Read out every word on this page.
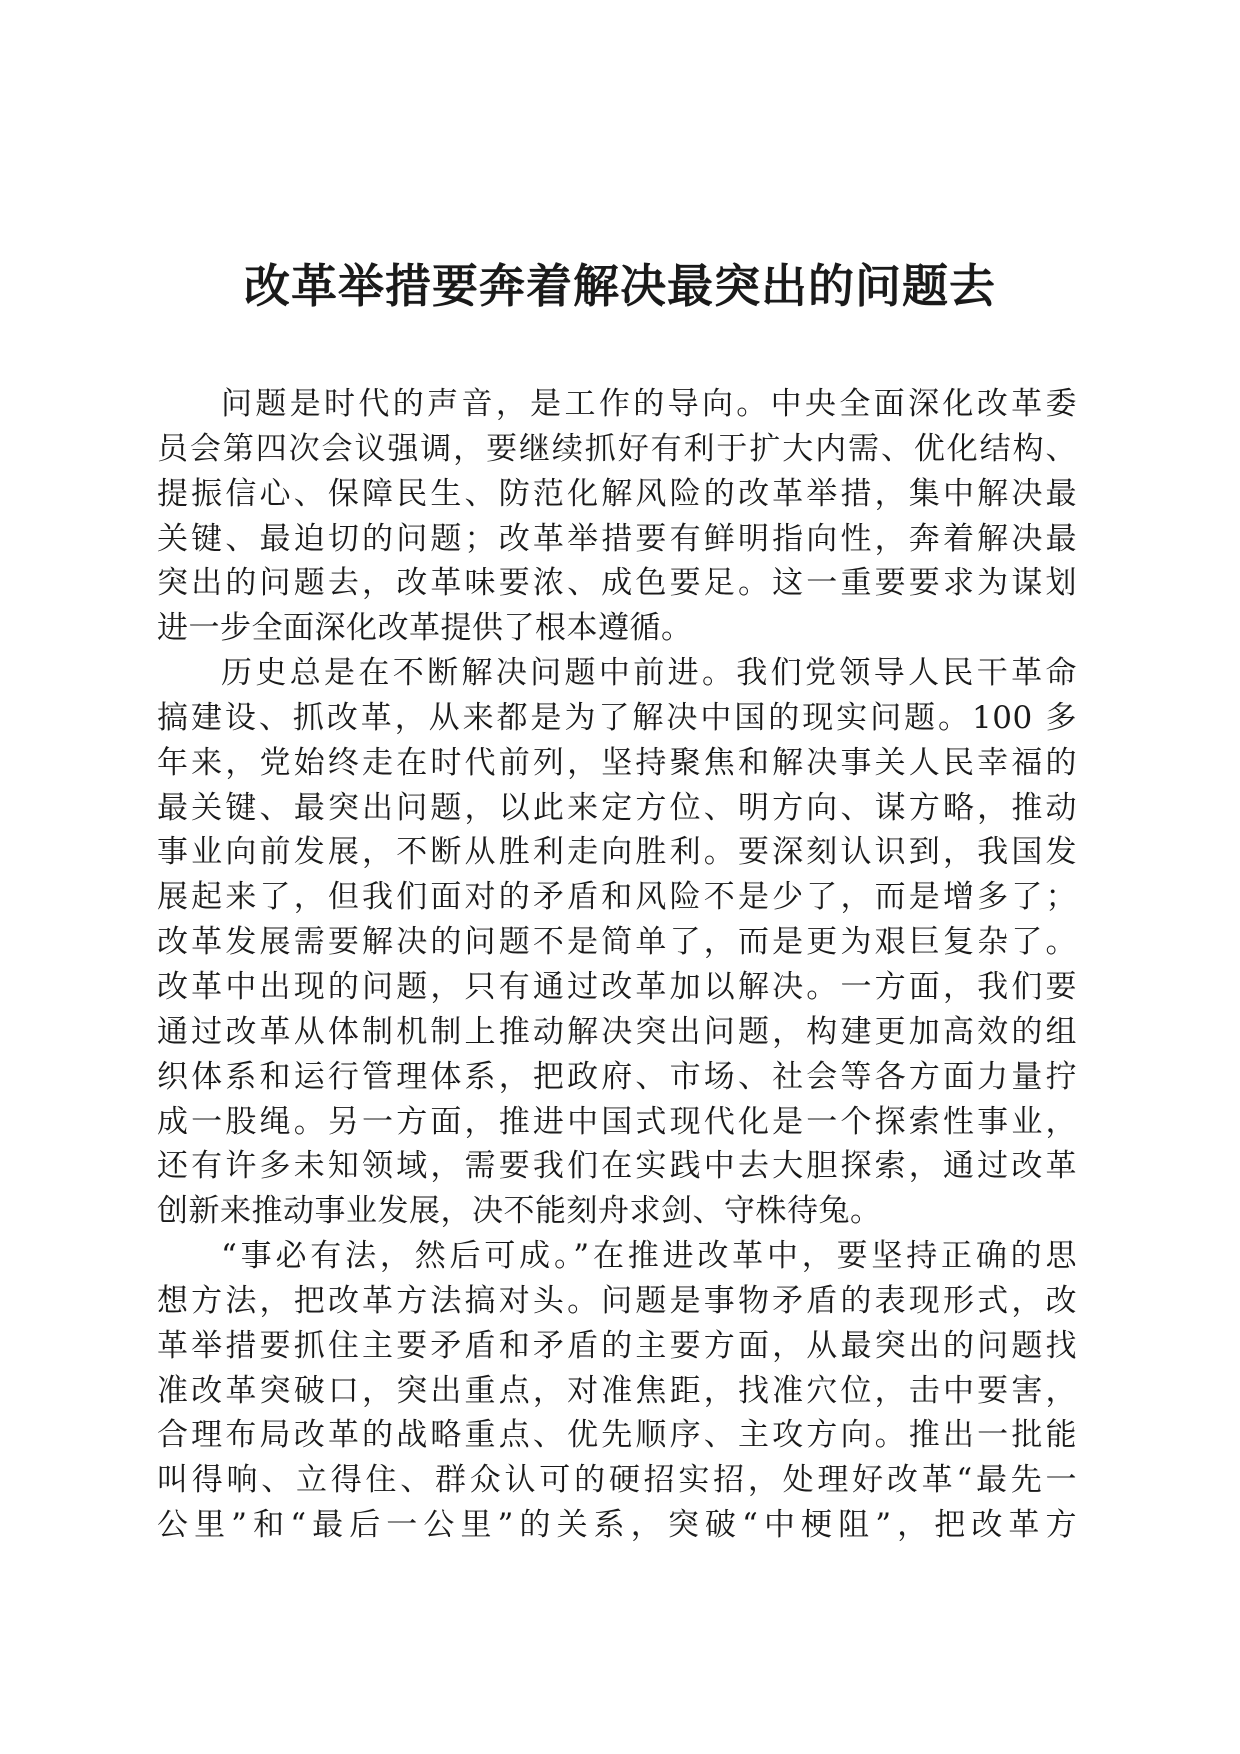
改革举措要奔着解决最突出的问题去
问题是时代的声音，是工作的导向。中央全面深化改革委
员会第四次会议强调，要继续抓好有利于扩大内需、优化结构、
提振信心、保障民生、防范化解风险的改革举措，集中解决最
关键、最迫切的问题；改革举措要有鲜明指向性，奔着解决最
突出的问题去，改革味要浓、成色要足。这一重要要求为谋划
进一步全面深化改革提供了根本遵循。
历史总是在不断解决问题中前进。我们党领导人民干革命
搞建设、抓改革，从来都是为了解决中国的现实问题。100 多
年来，党始终走在时代前列，坚持聚焦和解决事关人民幸福的
最关键、最突出问题，以此来定方位、明方向、谋方略，推动
事业向前发展，不断从胜利走向胜利。要深刻认识到，我国发
展起来了，但我们面对的矛盾和风险不是少了，而是增多了；
改革发展需要解决的问题不是简单了，而是更为艰巨复杂了。
改革中出现的问题，只有通过改革加以解决。一方面，我们要
通过改革从体制机制上推动解决突出问题，构建更加高效的组
织体系和运行管理体系，把政府、市场、社会等各方面力量拧
成一股绳。另一方面，推进中国式现代化是一个探索性事业，
还有许多未知领域，需要我们在实践中去大胆探索，通过改革
创新来推动事业发展，决不能刻舟求剑、守株待兔。
“事必有法，然后可成。”在推进改革中，要坚持正确的思
想方法，把改革方法搞对头。问题是事物矛盾的表现形式，改
革举措要抓住主要矛盾和矛盾的主要方面，从最突出的问题找
准改革突破口，突出重点，对准焦距，找准穴位，击中要害，
合理布局改革的战略重点、优先顺序、主攻方向。推出一批能
叫得响、立得住、群众认可的硬招实招，处理好改革“最先一
公里”和“最后一公里”的关系，突破“中梗阻”，把改革方
